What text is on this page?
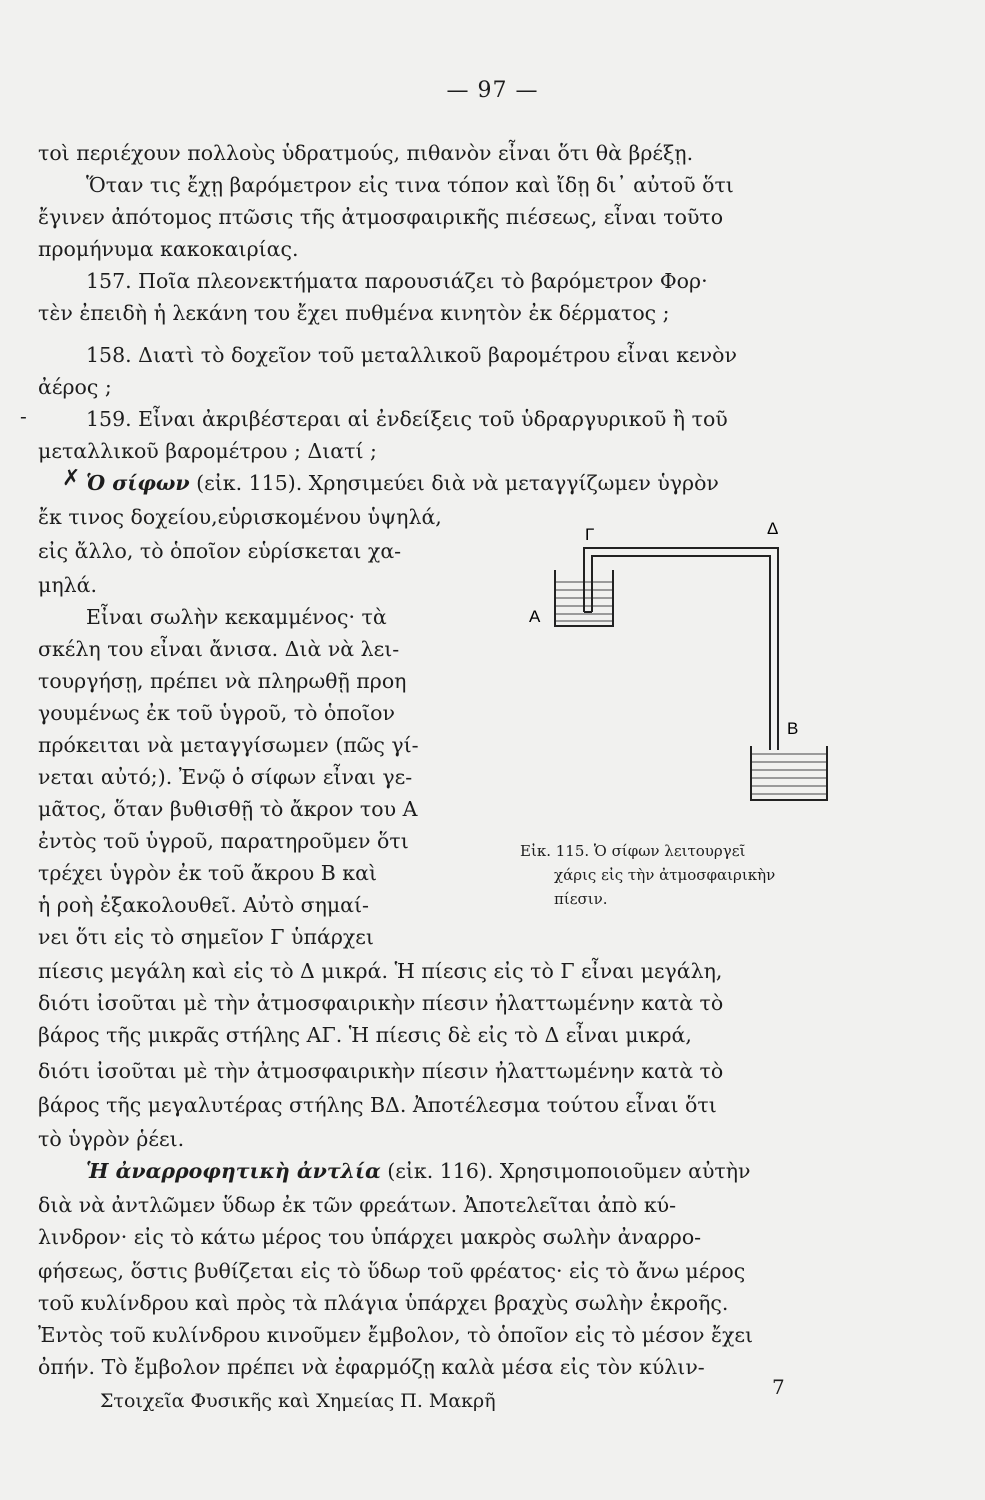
— 97 —
τοὶ περιέχουν πολλοὺς ὑδρατμούς, πιθανὸν εἶναι ὅτι θὰ βρέξῃ.
Ὅταν τις ἔχῃ βαρόμετρον εἰς τινα τόπον καὶ ἴδῃ δι᾽ αὐτοῦ ὅτι
ἔγινεν ἀπότομος πτῶσις τῆς ἀτμοσφαιρικῆς πιέσεως, εἶναι τοῦτο
προμήνυμα κακοκαιρίας.
157. Ποῖα πλεονεκτήματα παρουσιάζει τὸ βαρόμετρον Φορ·
τὲν ἐπειδὴ ἡ λεκάνη του ἔχει πυθμένα κινητὸν ἐκ δέρματος ;
158. Διατὶ τὸ δοχεῖον τοῦ μεταλλικοῦ βαρομέτρου εἶναι κενὸν
ἀέρος ;
-	159. Εἶναι ἀκριβέστεραι αἱ ἐνδείξεις τοῦ ὑδραργυρικοῦ ἢ τοῦ
μεταλλικοῦ βαρομέτρου ; Διατί ;
✗ Ὁ σίφων (εἰκ. 115). Χρησιμεύει διὰ νὰ μεταγγίζωμεν ὑγρὸν
ἔκ τινος δοχείου,εὑρισκομένου ὑψηλά,
εἰς ἄλλο, τὸ ὁποῖον εὑρίσκεται χα-
μηλά.
Εἶναι σωλὴν κεκαμμένος· τὰ
σκέλη του εἶναι ἄνισα. Διὰ νὰ λει-
τουργήσῃ, πρέπει νὰ πληρωθῇ προη
γουμένως ἐκ τοῦ ὑγροῦ, τὸ ὁποῖον
πρόκειται νὰ μεταγγίσωμεν (πῶς γί-
νεται αὐτό;). Ἐνῷ ὁ σίφων εἶναι γε-
μᾶτος, ὅταν βυθισθῇ τὸ ἄκρον του Α
ἐντὸς τοῦ ὑγροῦ, παρατηροῦμεν ὅτι
τρέχει ὑγρὸν ἐκ τοῦ ἄκρου Β καὶ
ἡ ροὴ ἐξακολουθεῖ. Αὐτὸ σημαί-
νει ὅτι εἰς τὸ σημεῖον Γ ὑπάρχει
πίεσις μεγάλη καὶ εἰς τὸ Δ μικρά. Ἡ πίεσις εἰς τὸ Γ εἶναι μεγάλη,
διότι ἰσοῦται μὲ τὴν ἀτμοσφαιρικὴν πίεσιν ἠλαττωμένην κατὰ τὸ
βάρος τῆς μικρᾶς στήλης ΑΓ. Ἡ πίεσις δὲ εἰς τὸ Δ εἶναι μικρά,
διότι ἰσοῦται μὲ τὴν ἀτμοσφαιρικὴν πίεσιν ἠλαττωμένην κατὰ τὸ
βάρος τῆς μεγαλυτέρας στήλης ΒΔ. Ἀποτέλεσμα τούτου εἶναι ὅτι
τὸ ὑγρὸν ῥέει.
Ἡ ἀναρροφητικὴ ἀντλία (εἰκ. 116). Χρησιμοποιοῦμεν αὐτὴν
διὰ νὰ ἀντλῶμεν ὕδωρ ἐκ τῶν φρεάτων. Ἀποτελεῖται ἀπὸ κύ-
λινδρον· εἰς τὸ κάτω μέρος του ὑπάρχει μακρὸς σωλὴν ἀναρρο-
φήσεως, ὅστις βυθίζεται εἰς τὸ ὕδωρ τοῦ φρέατος· εἰς τὸ ἄνω μέρος
τοῦ κυλίνδρου καὶ πρὸς τὰ πλάγια ὑπάρχει βραχὺς σωλὴν ἐκροῆς.
Ἐντὸς τοῦ κυλίνδρου κινοῦμεν ἔμβολον, τὸ ὁποῖον εἰς τὸ μέσον ἔχει
ὀπήν. Τὸ ἔμβολον πρέπει νὰ ἐφαρμόζῃ καλὰ μέσα εἰς τὸν κύλιν-
Γ	Δ
Α
Β
Εἰκ. 115. Ὁ σίφων λειτουργεῖ
χάρις εἰς τὴν ἀτμοσφαιρικὴν
πίεσιν.
Στοιχεῖα Φυσικῆς καὶ Χημείας Π. Μακρῆ
7
